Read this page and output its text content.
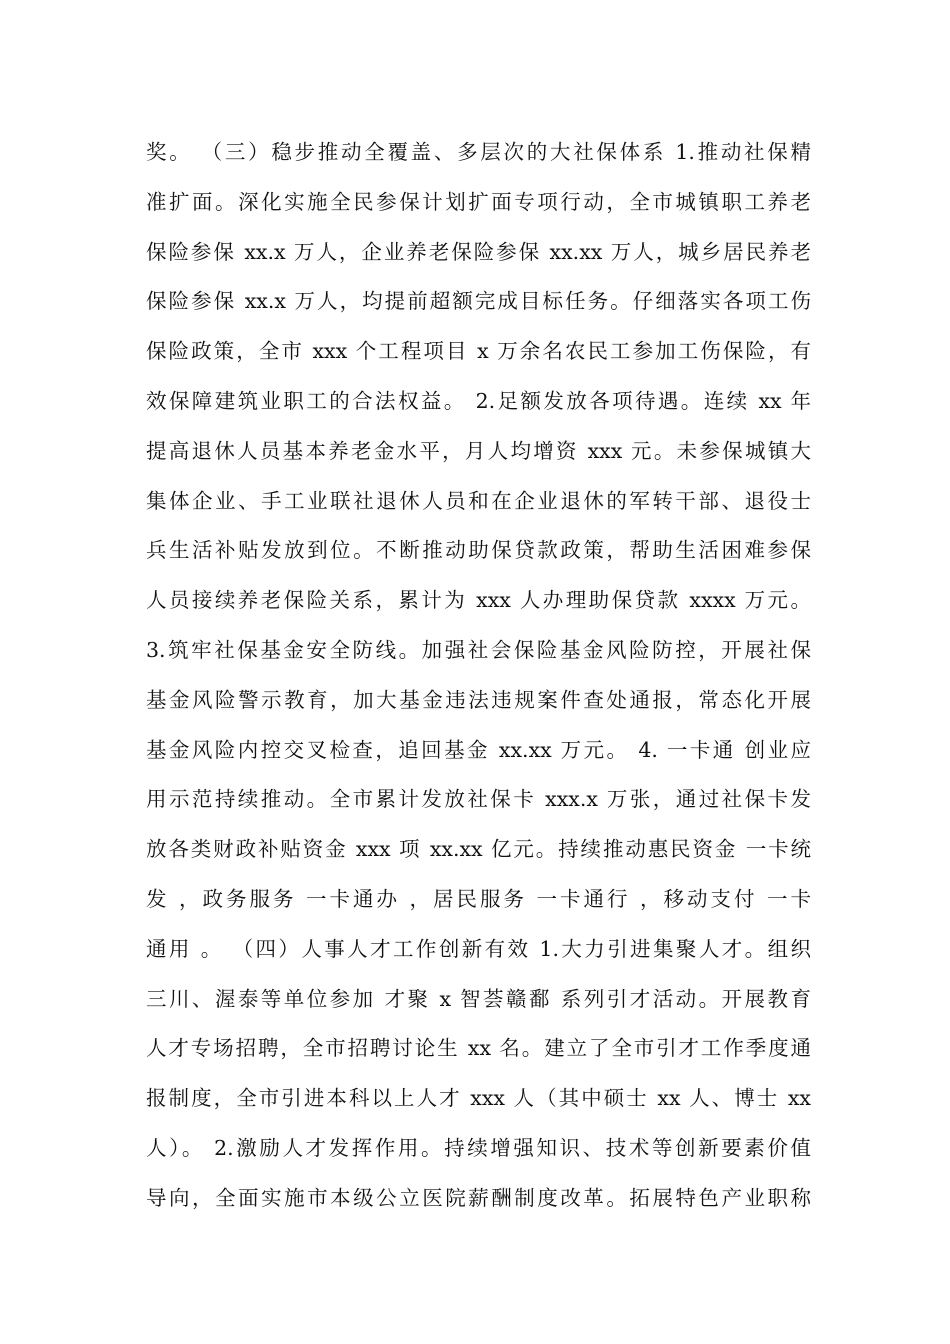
奖。 （三）稳步推动全覆盖、多层次的大社保体系 1.推动社保精
准扩面。深化实施全民参保计划扩面专项行动，全市城镇职工养老
保险参保 xx.x 万人，企业养老保险参保 xx.xx 万人，城乡居民养老
保险参保 xx.x 万人，均提前超额完成目标任务。仔细落实各项工伤
保险政策，全市 xxx 个工程项目 x 万余名农民工参加工伤保险，有
效保障建筑业职工的合法权益。 2.足额发放各项待遇。连续 xx 年
提高退休人员基本养老金水平，月人均增资 xxx 元。未参保城镇大
集体企业、手工业联社退休人员和在企业退休的军转干部、退役士
兵生活补贴发放到位。不断推动助保贷款政策，帮助生活困难参保
人员接续养老保险关系，累计为 xxx 人办理助保贷款 xxxx 万元。
3.筑牢社保基金安全防线。加强社会保险基金风险防控，开展社保
基金风险警示教育，加大基金违法违规案件查处通报，常态化开展
基金风险内控交叉检查，追回基金 xx.xx 万元。 4. 一卡通 创业应
用示范持续推动。全市累计发放社保卡 xxx.x 万张，通过社保卡发
放各类财政补贴资金 xxx 项 xx.xx 亿元。持续推动惠民资金 一卡统
发 ，政务服务 一卡通办 ，居民服务 一卡通行 ，移动支付 一卡
通用 。 （四）人事人才工作创新有效 1.大力引进集聚人才。组织
三川、渥泰等单位参加 才聚 x 智荟赣鄱 系列引才活动。开展教育
人才专场招聘，全市招聘讨论生 xx 名。建立了全市引才工作季度通
报制度，全市引进本科以上人才 xxx 人（其中硕士 xx 人、博士 xx
人）。 2.激励人才发挥作用。持续增强知识、技术等创新要素价值
导向，全面实施市本级公立医院薪酬制度改革。拓展特色产业职称
